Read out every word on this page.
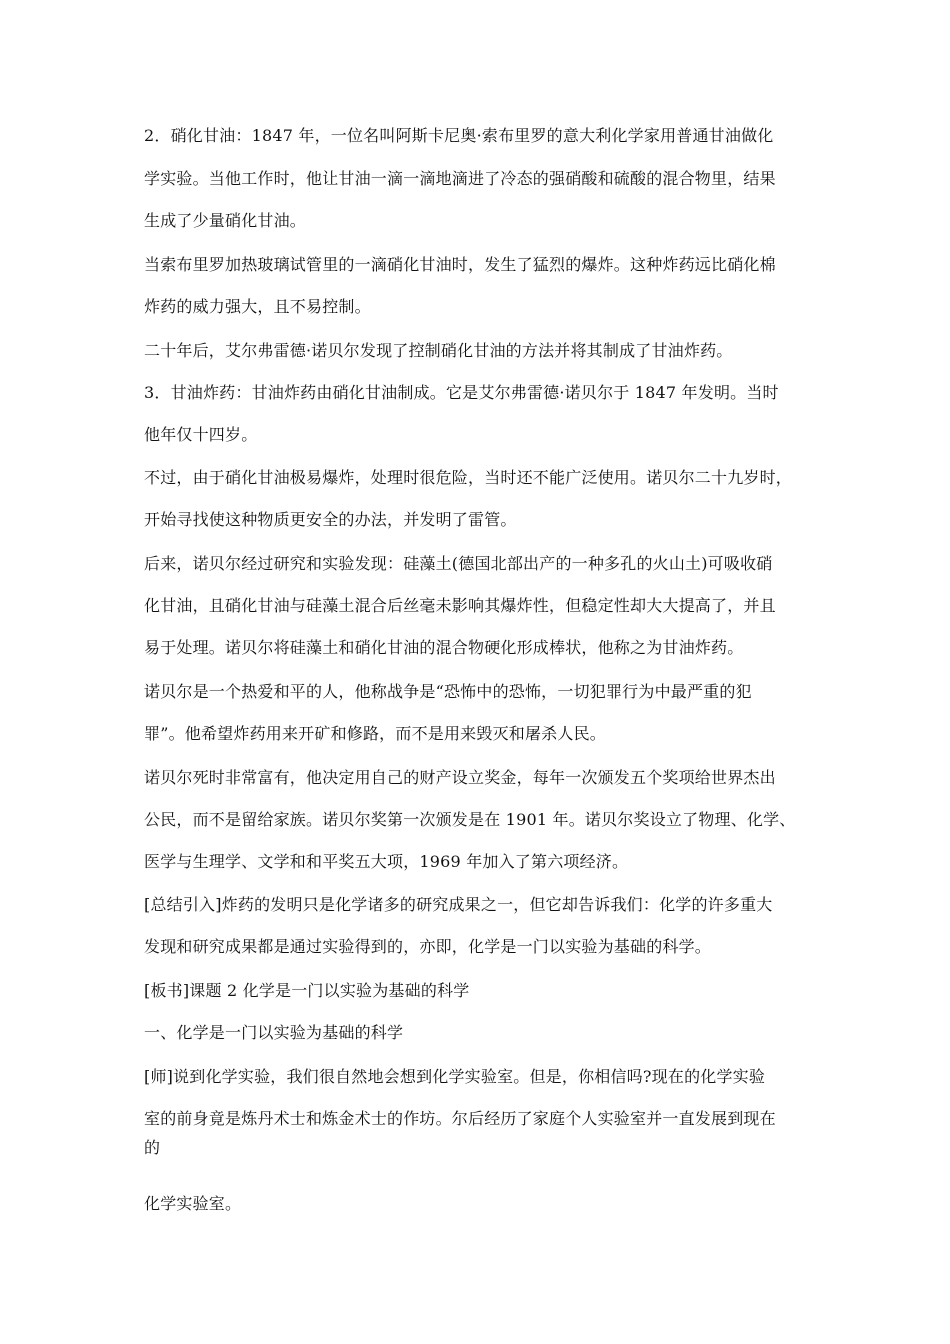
2．硝化甘油：1847 年，一位名叫阿斯卡尼奥·索布里罗的意大利化学家用普通甘油做化
学实验。当他工作时，他让甘油一滴一滴地滴进了冷态的强硝酸和硫酸的混合物里，结果
生成了少量硝化甘油。
当索布里罗加热玻璃试管里的一滴硝化甘油时，发生了猛烈的爆炸。这种炸药远比硝化棉
炸药的威力强大，且不易控制。
二十年后，艾尔弗雷德·诺贝尔发现了控制硝化甘油的方法并将其制成了甘油炸药。
3．甘油炸药：甘油炸药由硝化甘油制成。它是艾尔弗雷德·诺贝尔于 1847 年发明。当时
他年仅十四岁。
不过，由于硝化甘油极易爆炸，处理时很危险，当时还不能广泛使用。诺贝尔二十九岁时，
开始寻找使这种物质更安全的办法，并发明了雷管。
后来，诺贝尔经过研究和实验发现：硅藻土(德国北部出产的一种多孔的火山土)可吸收硝
化甘油，且硝化甘油与硅藻土混合后丝毫未影响其爆炸性，但稳定性却大大提高了，并且
易于处理。诺贝尔将硅藻土和硝化甘油的混合物硬化形成棒状，他称之为甘油炸药。
诺贝尔是一个热爱和平的人，他称战争是“恐怖中的恐怖，一切犯罪行为中最严重的犯
罪”。他希望炸药用来开矿和修路，而不是用来毁灭和屠杀人民。
诺贝尔死时非常富有，他决定用自己的财产设立奖金，每年一次颁发五个奖项给世界杰出
公民，而不是留给家族。诺贝尔奖第一次颁发是在 1901 年。诺贝尔奖设立了物理、化学、
医学与生理学、文学和和平奖五大项，1969 年加入了第六项经济。
[总结引入]炸药的发明只是化学诸多的研究成果之一，但它却告诉我们：化学的许多重大
发现和研究成果都是通过实验得到的，亦即，化学是一门以实验为基础的科学。
[板书]课题 2 化学是一门以实验为基础的科学
一、化学是一门以实验为基础的科学
[师]说到化学实验，我们很自然地会想到化学实验室。但是，你相信吗?现在的化学实验
室的前身竟是炼丹术士和炼金术士的作坊。尔后经历了家庭个人实验室并一直发展到现在
的
化学实验室。
